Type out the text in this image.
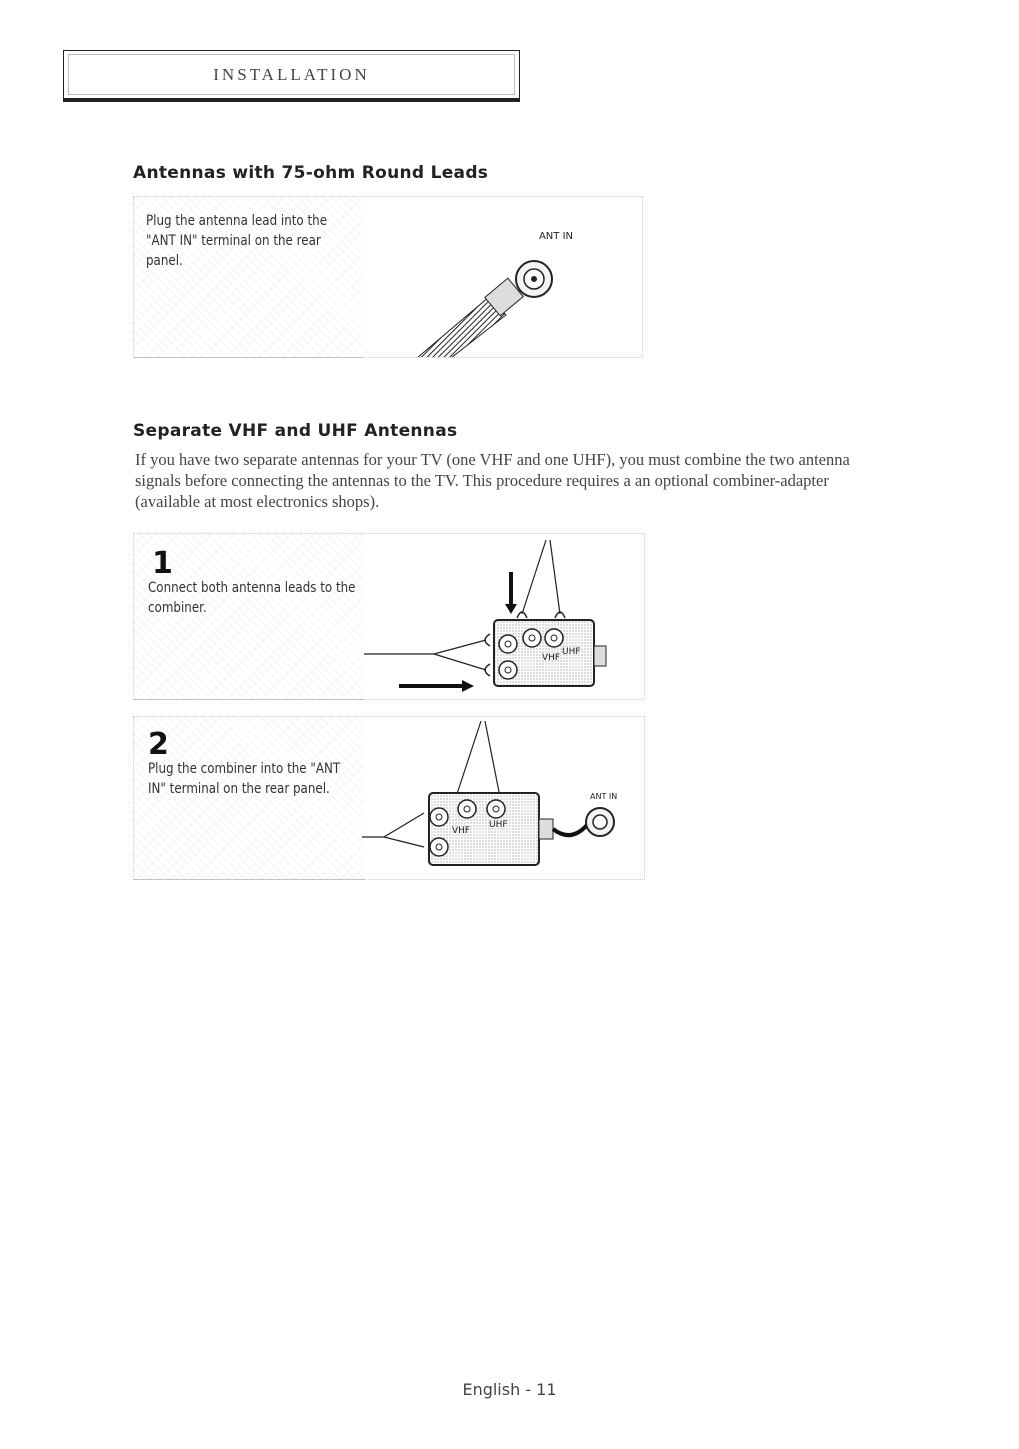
INSTALLATION
Antennas with 75-ohm Round Leads
Plug the antenna lead into the "ANT IN" terminal on the rear panel.
ANT IN
Separate VHF and UHF Antennas
If you have two separate antennas for your TV (one VHF and one UHF), you must combine the two antenna signals before connecting the antennas to the TV. This procedure requires a an optional combiner-adapter (available at most electronics shops).
1
Connect both antenna leads to the combiner.
UHF
VHF
2
Plug the combiner into the "ANT IN" terminal on the rear panel.
UHF
VHF
ANT IN
English - 11
